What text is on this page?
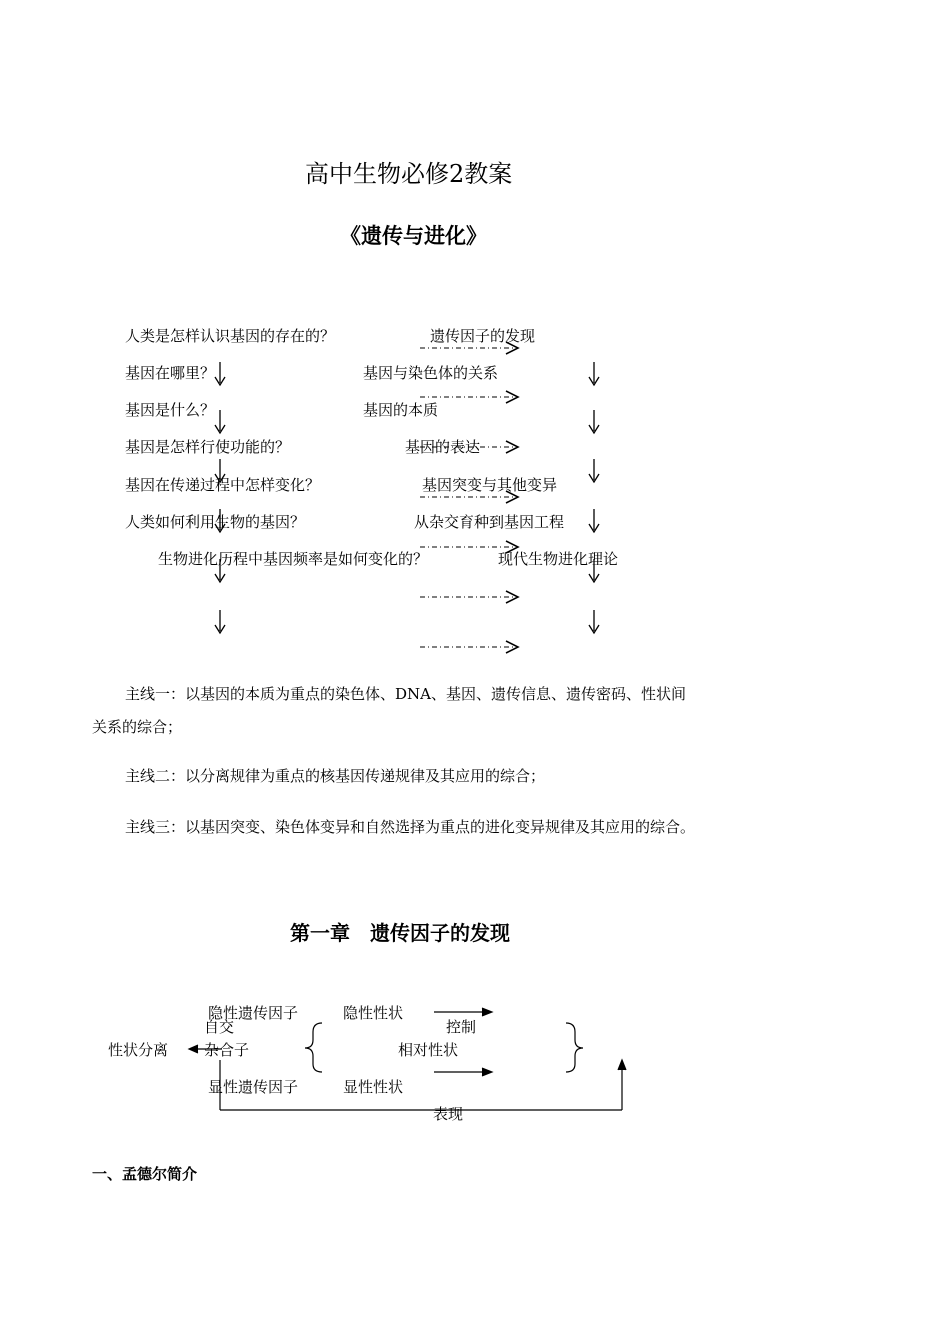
高中生物必修2教案
《遗传与进化》
人类是怎样认识基因的存在的？
基因在哪里？
基因是什么？
基因是怎样行使功能的？
基因在传递过程中怎样变化？
人类如何利用生物的基因？
生物进化历程中基因频率是如何变化的？
遗传因子的发现
基因与染色体的关系
基因的本质
基因的表达
基因突变与其他变异
从杂交育种到基因工程
现代生物进化理论
主线一：以基因的本质为重点的染色体、DNA、基因、遗传信息、遗传密码、性状间
关系的综合；
主线二：以分离规律为重点的核基因传递规律及其应用的综合；
主线三：以基因突变、染色体变异和自然选择为重点的进化变异规律及其应用的综合。
第一章　遗传因子的发现
隐性遗传因子	隐性性状
自交	控制
性状分离 杂合子	相对性状
显性遗传因子	显性性状
表现
一、孟德尔简介
